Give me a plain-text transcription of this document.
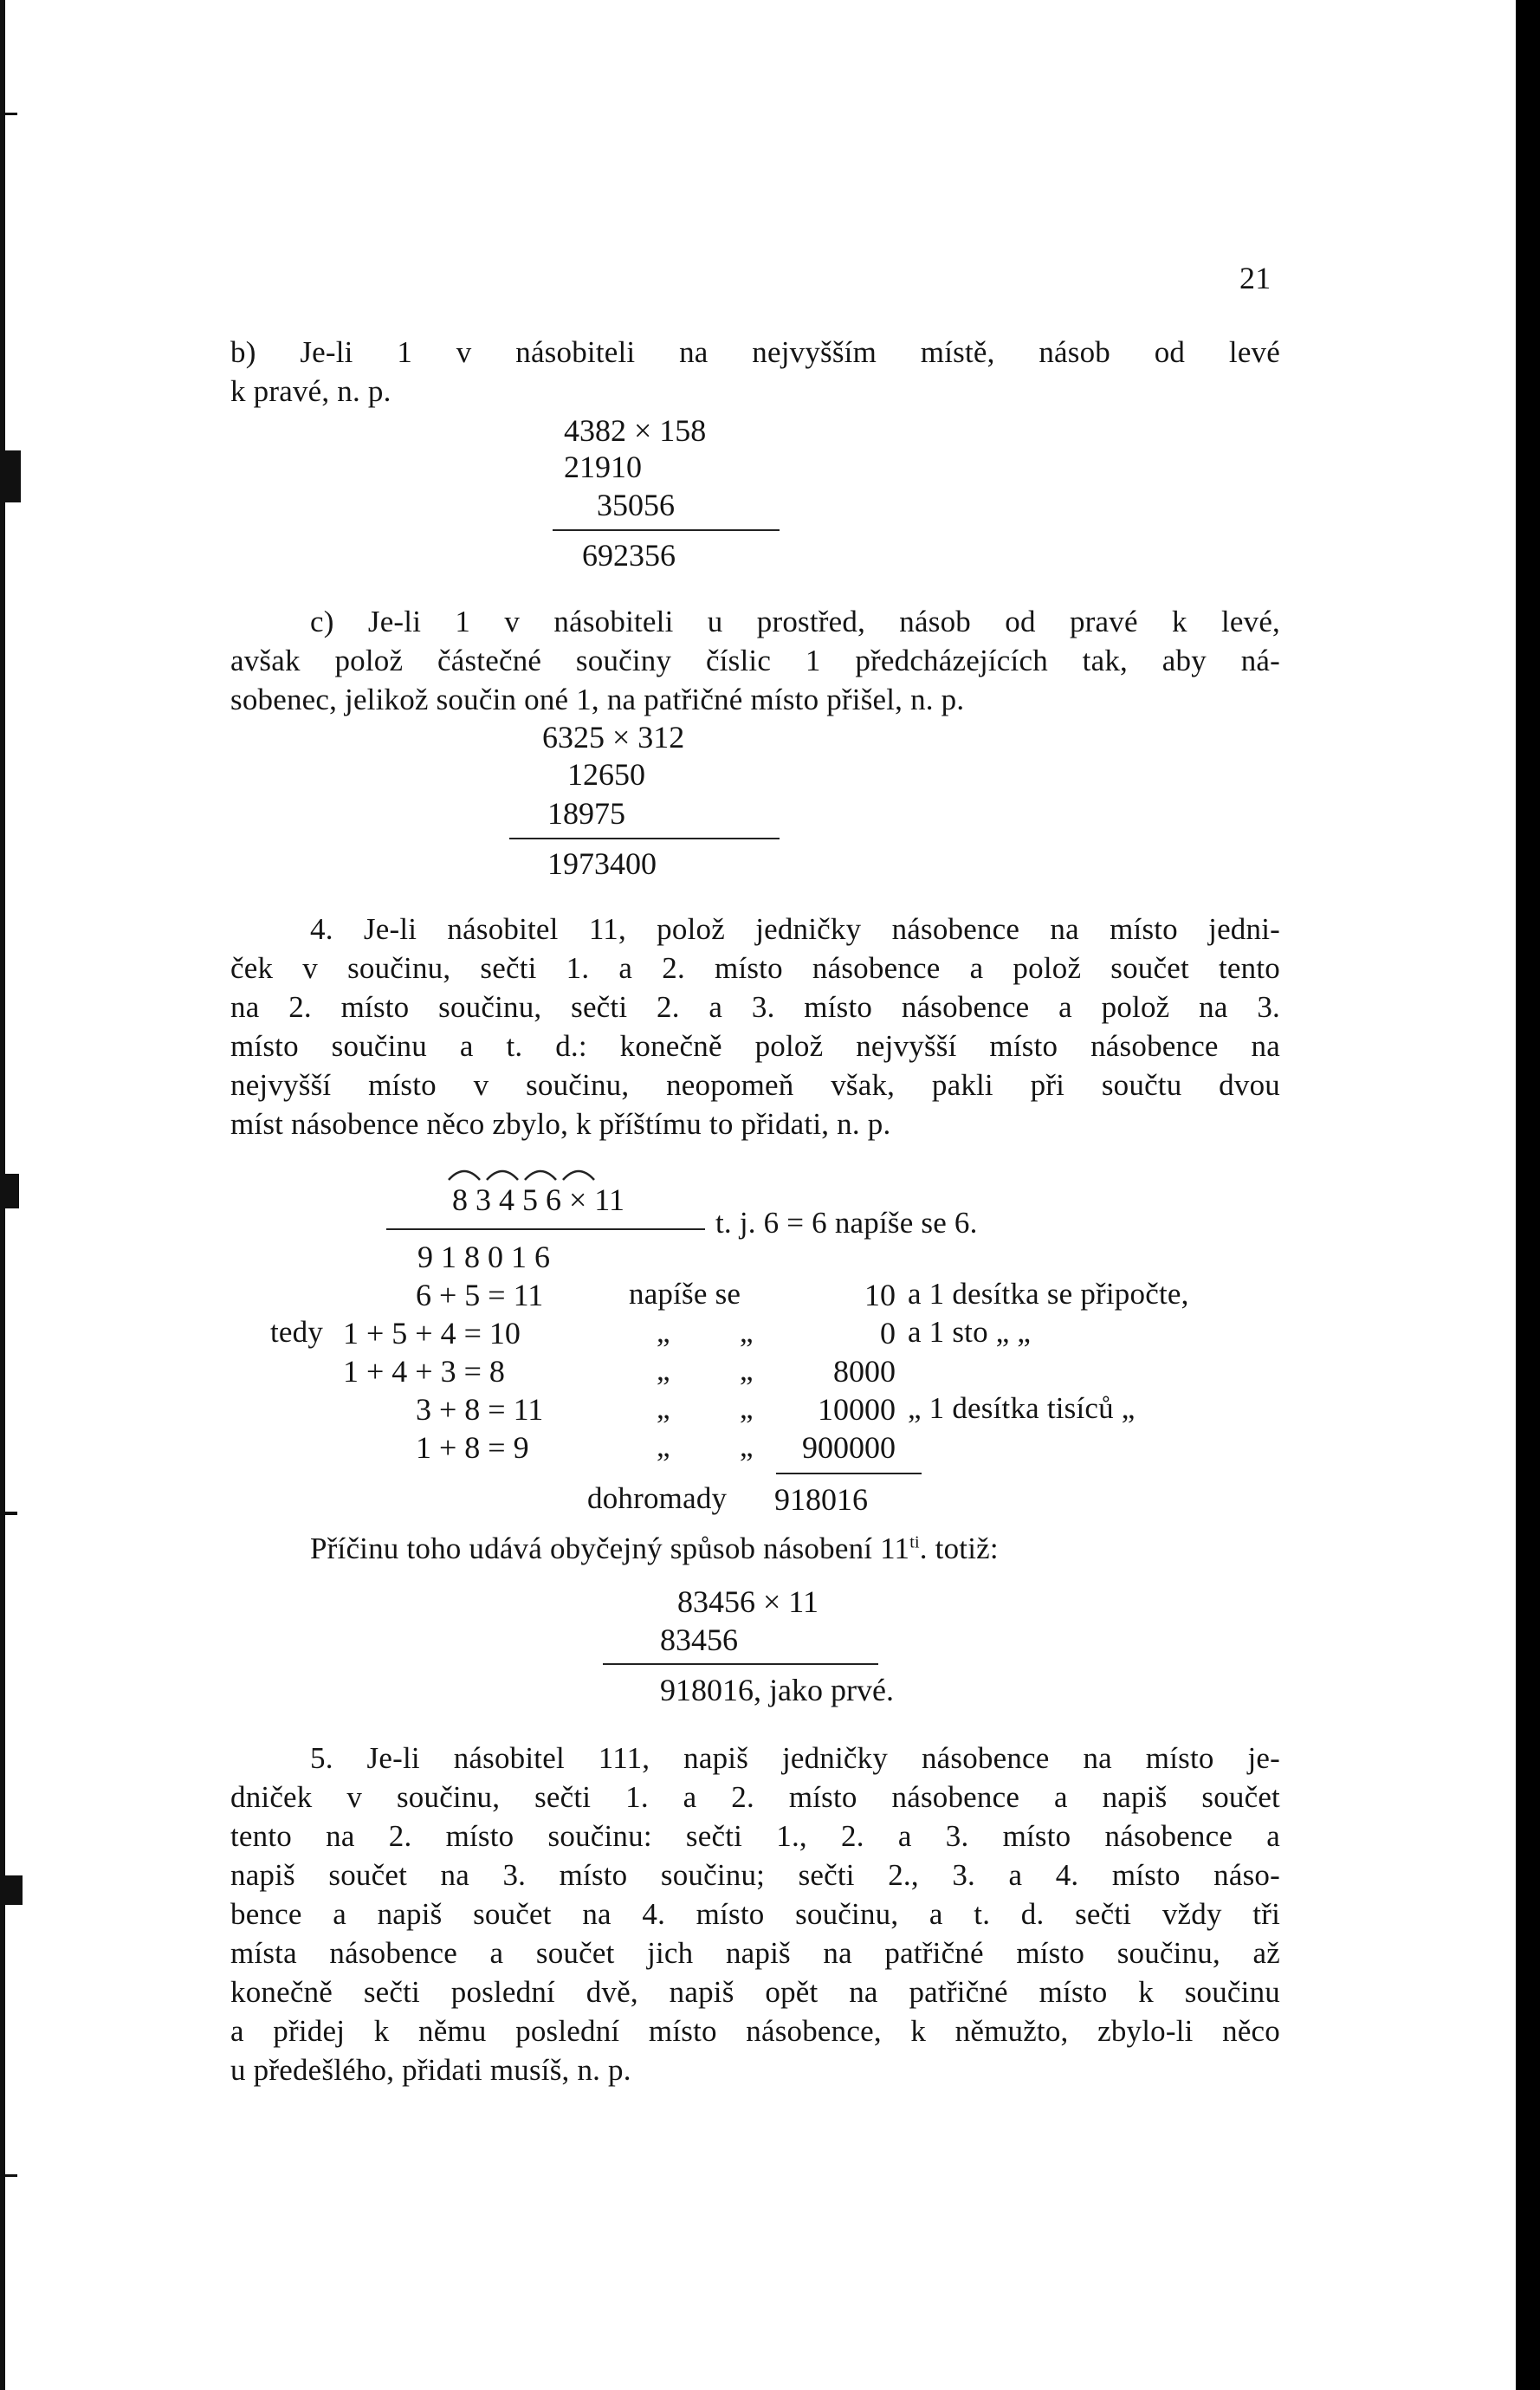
21
b) Je-li 1 v násobiteli na nejvyšším místě, násob od levé
k pravé, n. p.
4382 × 158
21910
35056
692356
c) Je-li 1 v násobiteli u prostřed, násob od pravé k levé,
avšak polož částečné součiny číslic 1 předcházejících tak, aby ná-
sobenec, jelikož součin oné 1, na patřičné místo přišel, n. p.
6325 × 312
12650
18975
1973400
4. Je-li násobitel 11, polož jedničky násobence na místo jedni-
ček v součinu, sečti 1. a 2. místo násobence a polož součet tento
na 2. místo součinu, sečti 2. a 3. místo násobence a polož na 3.
místo součinu a t. d.: konečně polož nejvyšší místo násobence na
nejvyšší místo v součinu, neopomeň však, pakli při součtu dvou
míst násobence něco zbylo, k příštímu to přidati, n. p.
8 3 4 5 6 × 11
t. j. 6 = 6 napíše se 6.
9 1 8 0 1 6
tedy
6 + 5 = 11
1 + 5 + 4 = 10
1 + 4 + 3 = 8
3 + 8 = 11
1 + 8 = 9
napíše se
„ „
„ „
„ „
„ „
10
0
8000
10000
900000
a 1 desítka se připočte,
a 1 sto „ „
„ 1 desítka tisíců „
dohromady 918016
Příčinu toho udává obyčejný spůsob násobení $11^{ti}$. totiž:
83456 × 11
83456
918016, jako prvé.
5. Je-li násobitel 111, napiš jedničky násobence na místo je-
dniček v součinu, sečti 1. a 2. místo násobence a napiš součet
tento na 2. místo součinu: sečti 1., 2. a 3. místo násobence a
napiš součet na 3. místo součinu; sečti 2., 3. a 4. místo náso-
bence a napiš součet na 4. místo součinu, a t. d. sečti vždy tři
místa násobence a součet jich napiš na patřičné místo součinu, až
konečně sečti poslední dvě, napiš opět na patřičné místo k součinu
a přidej k němu poslední místo násobence, k němužto, zbylo-li něco
u předešlého, přidati musíš, n. p.
